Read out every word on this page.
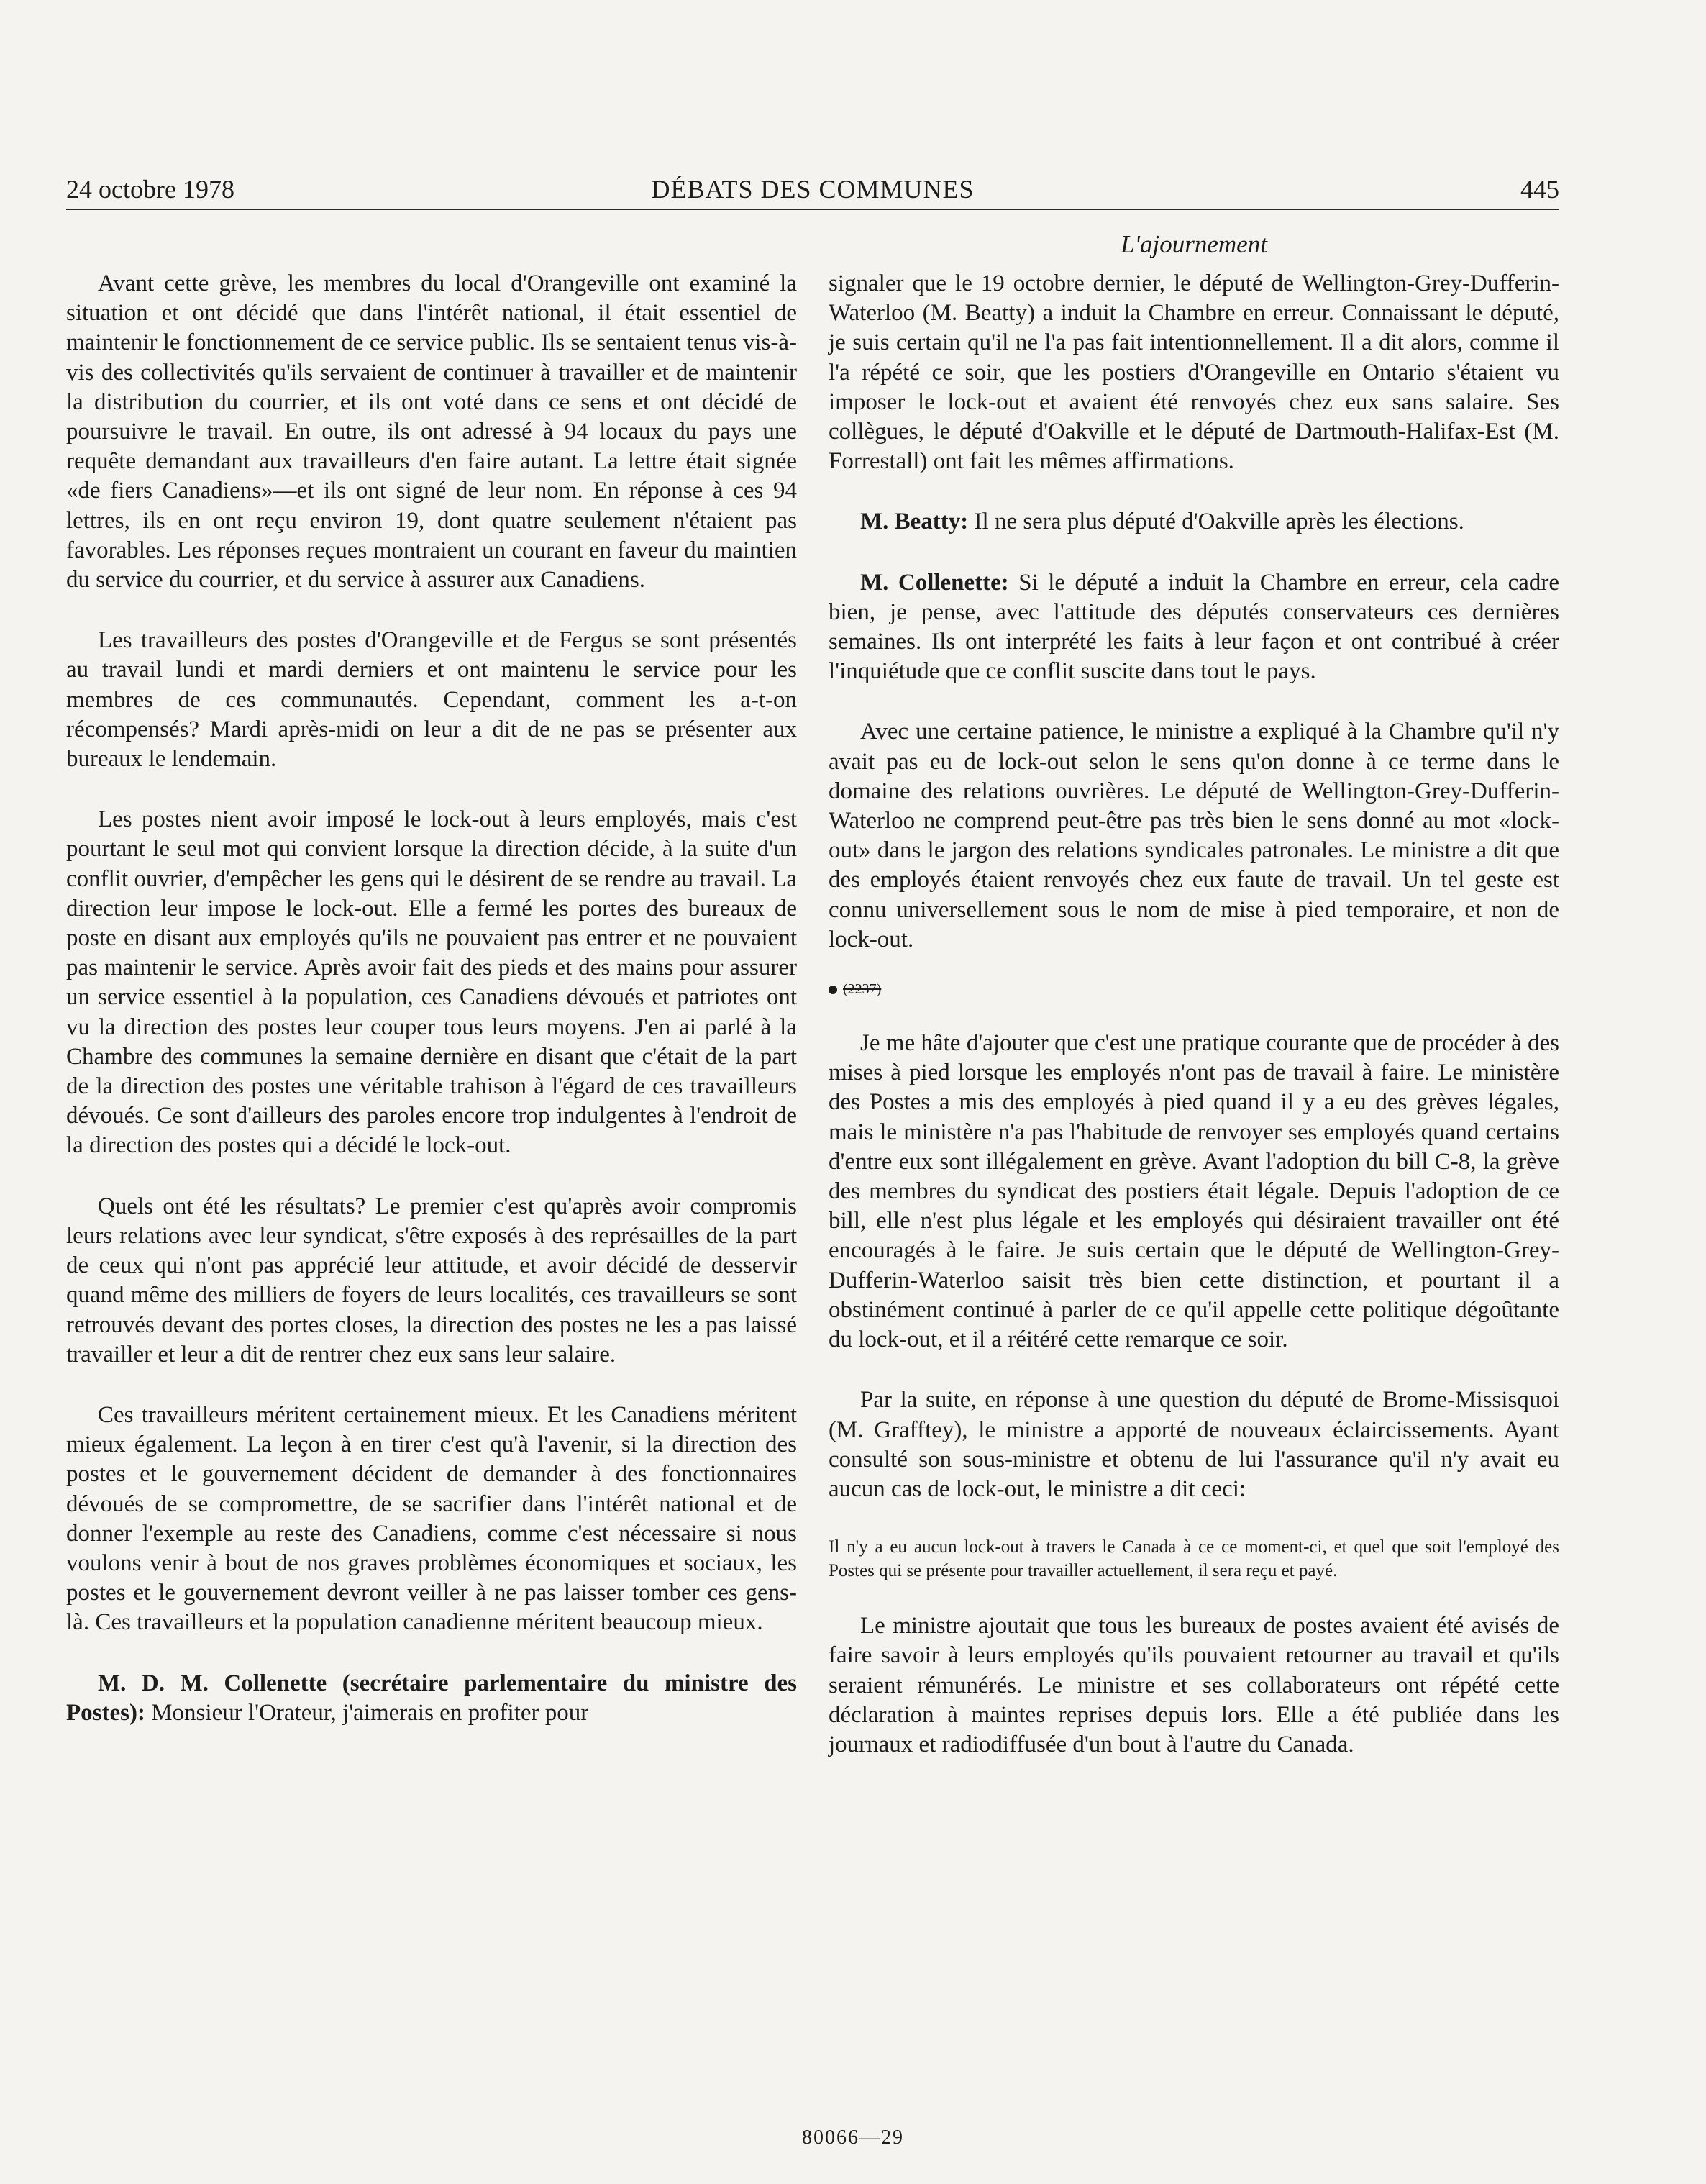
24 octobre 1978	DÉBATS DES COMMUNES	445
L'ajournement

Avant cette grève, les membres du local d'Orangeville ont examiné la situation et ont décidé que dans l'intérêt national, il était essentiel de maintenir le fonctionnement de ce service public. Ils se sentaient tenus vis-à-vis des collectivités qu'ils servaient de continuer à travailler et de maintenir la distribution du courrier, et ils ont voté dans ce sens et ont décidé de poursuivre le travail. En outre, ils ont adressé à 94 locaux du pays une requête demandant aux travailleurs d'en faire autant. La lettre était signée «de fiers Canadiens»—et ils ont signé de leur nom. En réponse à ces 94 lettres, ils en ont reçu environ 19, dont quatre seulement n'étaient pas favorables. Les réponses reçues montraient un courant en faveur du maintien du service du courrier, et du service à assurer aux Canadiens.

Les travailleurs des postes d'Orangeville et de Fergus se sont présentés au travail lundi et mardi derniers et ont maintenu le service pour les membres de ces communautés. Cependant, comment les a-t-on récompensés? Mardi après-midi on leur a dit de ne pas se présenter aux bureaux le lendemain.

Les postes nient avoir imposé le lock-out à leurs employés, mais c'est pourtant le seul mot qui convient lorsque la direction décide, à la suite d'un conflit ouvrier, d'empêcher les gens qui le désirent de se rendre au travail. La direction leur impose le lock-out. Elle a fermé les portes des bureaux de poste en disant aux employés qu'ils ne pouvaient pas entrer et ne pouvaient pas maintenir le service. Après avoir fait des pieds et des mains pour assurer un service essentiel à la population, ces Canadiens dévoués et patriotes ont vu la direction des postes leur couper tous leurs moyens. J'en ai parlé à la Chambre des communes la semaine dernière en disant que c'était de la part de la direction des postes une véritable trahison à l'égard de ces travailleurs dévoués. Ce sont d'ailleurs des paroles encore trop indulgentes à l'endroit de la direction des postes qui a décidé le lock-out.

Quels ont été les résultats? Le premier c'est qu'après avoir compromis leurs relations avec leur syndicat, s'être exposés à des représailles de la part de ceux qui n'ont pas apprécié leur attitude, et avoir décidé de desservir quand même des milliers de foyers de leurs localités, ces travailleurs se sont retrouvés devant des portes closes, la direction des postes ne les a pas laissé travailler et leur a dit de rentrer chez eux sans leur salaire.

Ces travailleurs méritent certainement mieux. Et les Canadiens méritent mieux également. La leçon à en tirer c'est qu'à l'avenir, si la direction des postes et le gouvernement décident de demander à des fonctionnaires dévoués de se compromettre, de se sacrifier dans l'intérêt national et de donner l'exemple au reste des Canadiens, comme c'est nécessaire si nous voulons venir à bout de nos graves problèmes économiques et sociaux, les postes et le gouvernement devront veiller à ne pas laisser tomber ces gens-là. Ces travailleurs et la population canadienne méritent beaucoup mieux.

M. D. M. Collenette (secrétaire parlementaire du ministre des Postes): Monsieur l'Orateur, j'aimerais en profiter pour

signaler que le 19 octobre dernier, le député de Wellington-Grey-Dufferin-Waterloo (M. Beatty) a induit la Chambre en erreur. Connaissant le député, je suis certain qu'il ne l'a pas fait intentionnellement. Il a dit alors, comme il l'a répété ce soir, que les postiers d'Orangeville en Ontario s'étaient vu imposer le lock-out et avaient été renvoyés chez eux sans salaire. Ses collègues, le député d'Oakville et le député de Dartmouth-Halifax-Est (M. Forrestall) ont fait les mêmes affirmations.

M. Beatty: Il ne sera plus député d'Oakville après les élections.

M. Collenette: Si le député a induit la Chambre en erreur, cela cadre bien, je pense, avec l'attitude des députés conservateurs ces dernières semaines. Ils ont interprété les faits à leur façon et ont contribué à créer l'inquiétude que ce conflit suscite dans tout le pays.

Avec une certaine patience, le ministre a expliqué à la Chambre qu'il n'y avait pas eu de lock-out selon le sens qu'on donne à ce terme dans le domaine des relations ouvrières. Le député de Wellington-Grey-Dufferin-Waterloo ne comprend peut-être pas très bien le sens donné au mot «lock-out» dans le jargon des relations syndicales patronales. Le ministre a dit que des employés étaient renvoyés chez eux faute de travail. Un tel geste est connu universellement sous le nom de mise à pied temporaire, et non de lock-out.

(2237)

Je me hâte d'ajouter que c'est une pratique courante que de procéder à des mises à pied lorsque les employés n'ont pas de travail à faire. Le ministère des Postes a mis des employés à pied quand il y a eu des grèves légales, mais le ministère n'a pas l'habitude de renvoyer ses employés quand certains d'entre eux sont illégalement en grève. Avant l'adoption du bill C-8, la grève des membres du syndicat des postiers était légale. Depuis l'adoption de ce bill, elle n'est plus légale et les employés qui désiraient travailler ont été encouragés à le faire. Je suis certain que le député de Wellington-Grey-Dufferin-Waterloo saisit très bien cette distinction, et pourtant il a obstinément continué à parler de ce qu'il appelle cette politique dégoûtante du lock-out, et il a réitéré cette remarque ce soir.

Par la suite, en réponse à une question du député de Brome-Missisquoi (M. Grafftey), le ministre a apporté de nouveaux éclaircissements. Ayant consulté son sous-ministre et obtenu de lui l'assurance qu'il n'y avait eu aucun cas de lock-out, le ministre a dit ceci:

Il n'y a eu aucun lock-out à travers le Canada à ce ce moment-ci, et quel que soit l'employé des Postes qui se présente pour travailler actuellement, il sera reçu et payé.

Le ministre ajoutait que tous les bureaux de postes avaient été avisés de faire savoir à leurs employés qu'ils pouvaient retourner au travail et qu'ils seraient rémunérés. Le ministre et ses collaborateurs ont répété cette déclaration à maintes reprises depuis lors. Elle a été publiée dans les journaux et radiodiffusée d'un bout à l'autre du Canada.

80066—29
